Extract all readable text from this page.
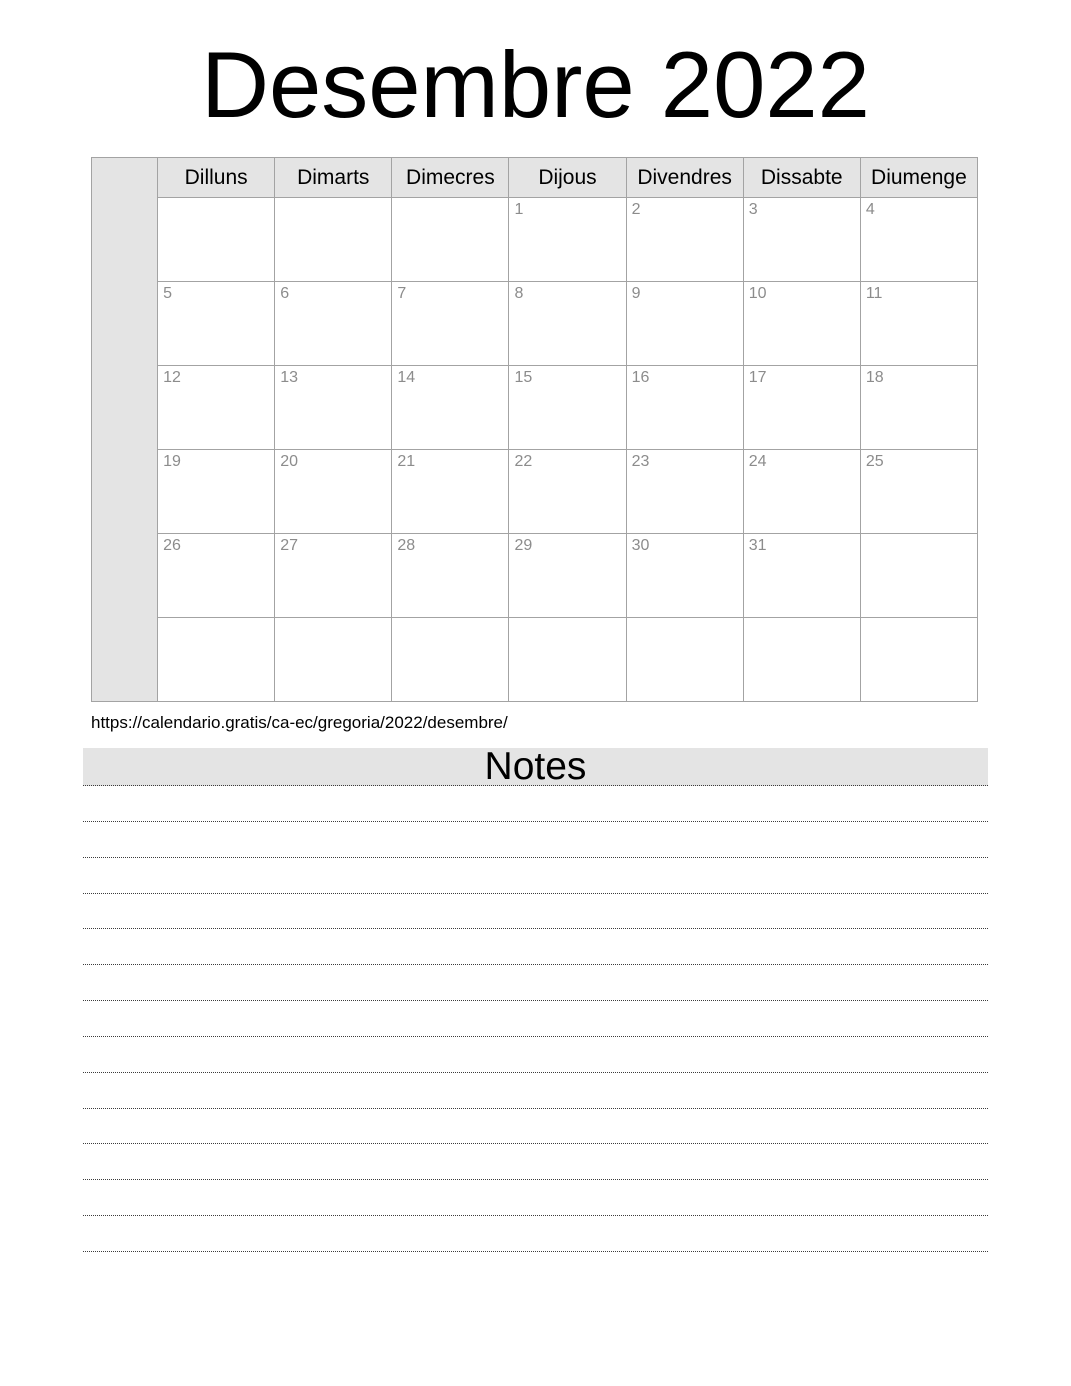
Desembre 2022
	Dilluns	Dimarts	Dimecres	Dijous	Divendres	Dissabte	Diumenge
				1	2	3	4
	5	6	7	8	9	10	11
	12	13	14	15	16	17	18
	19	20	21	22	23	24	25
	26	27	28	29	30	31	

https://calendario.gratis/ca-ec/gregoria/2022/desembre/
Notes
